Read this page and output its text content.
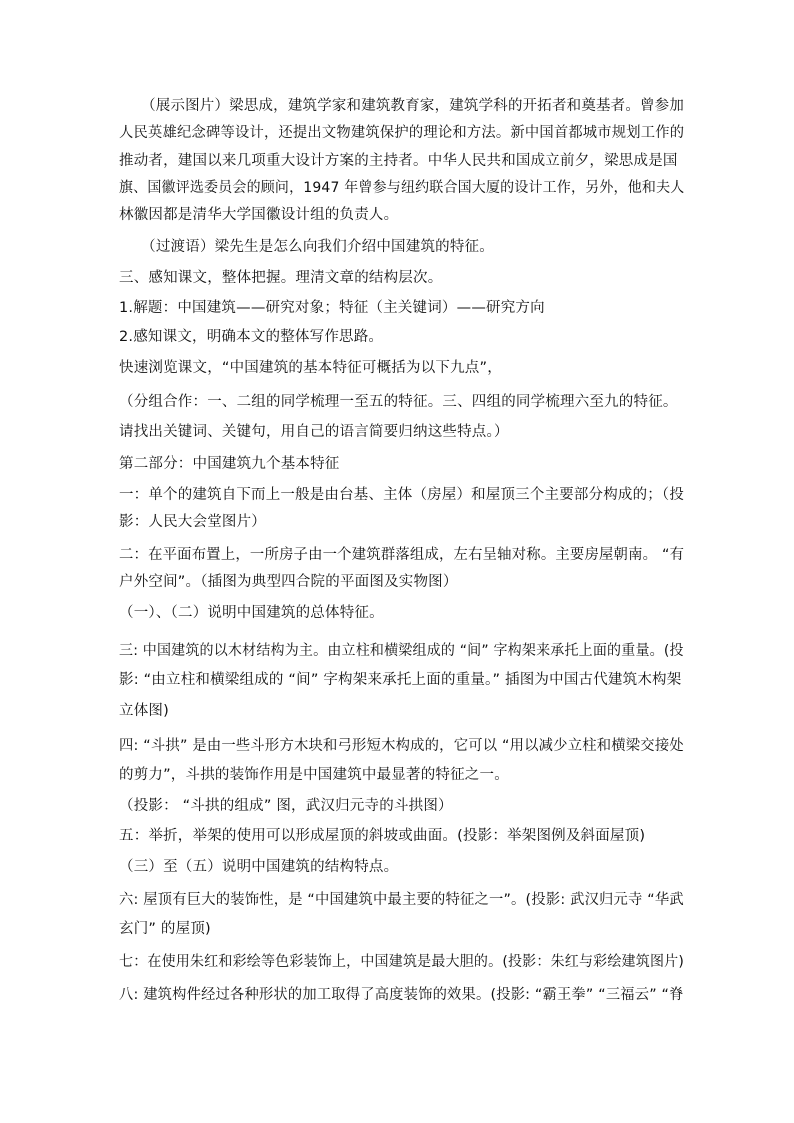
　　（展示图片）梁思成，建筑学家和建筑教育家，建筑学科的开拓者和奠基者。曾参加
人民英雄纪念碑等设计，还提出文物建筑保护的理论和方法。新中国首都城市规划工作的
推动者，建国以来几项重大设计方案的主持者。中华人民共和国成立前夕，梁思成是国
旗、国徽评选委员会的顾问，1947 年曾参与纽约联合国大厦的设计工作，另外，他和夫人
林徽因都是清华大学国徽设计组的负责人。
　　（过渡语）梁先生是怎么向我们介绍中国建筑的特征。
三、感知课文，整体把握。理清文章的结构层次。
1.解题：中国建筑——研究对象；特征（主关键词）——研究方向
2.感知课文，明确本文的整体写作思路。
快速浏览课文，“中国建筑的基本特征可概括为以下九点”，
（分组合作：一、二组的同学梳理一至五的特征。三、四组的同学梳理六至九的特征。
请找出关键词、关键句，用自己的语言简要归纳这些特点。）
第二部分：中国建筑九个基本特征
一：单个的建筑自下而上一般是由台基、主体（房屋）和屋顶三个主要部分构成的；（投
影：人民大会堂图片）
二：在平面布置上，一所房子由一个建筑群落组成，左右呈轴对称。主要房屋朝南。 “有
户外空间”。（插图为典型四合院的平面图及实物图）
（一）、（二）说明中国建筑的总体特征。
三: 中国建筑的以木材结构为主。由立柱和横梁组成的 “间” 字构架来承托上面的重量。(投
影: “由立柱和横梁组成的 “间” 字构架来承托上面的重量。” 插图为中国古代建筑木构架
立体图)
四: “斗拱” 是由一些斗形方木块和弓形短木构成的，它可以 “用以减少立柱和横梁交接处
的剪力”，斗拱的装饰作用是中国建筑中最显著的特征之一。
（投影： “斗拱的组成” 图，武汉归元寺的斗拱图）
五：举折，举架的使用可以形成屋顶的斜坡或曲面。(投影：举架图例及斜面屋顶)
（三）至（五）说明中国建筑的结构特点。
六: 屋顶有巨大的装饰性，是 “中国建筑中最主要的特征之一”。(投影: 武汉归元寺 “华武
玄门” 的屋顶)
七：在使用朱红和彩绘等色彩装饰上，中国建筑是最大胆的。(投影：朱红与彩绘建筑图片)
八: 建筑构件经过各种形状的加工取得了高度装饰的效果。(投影: “霸王拳” “三福云” “脊
